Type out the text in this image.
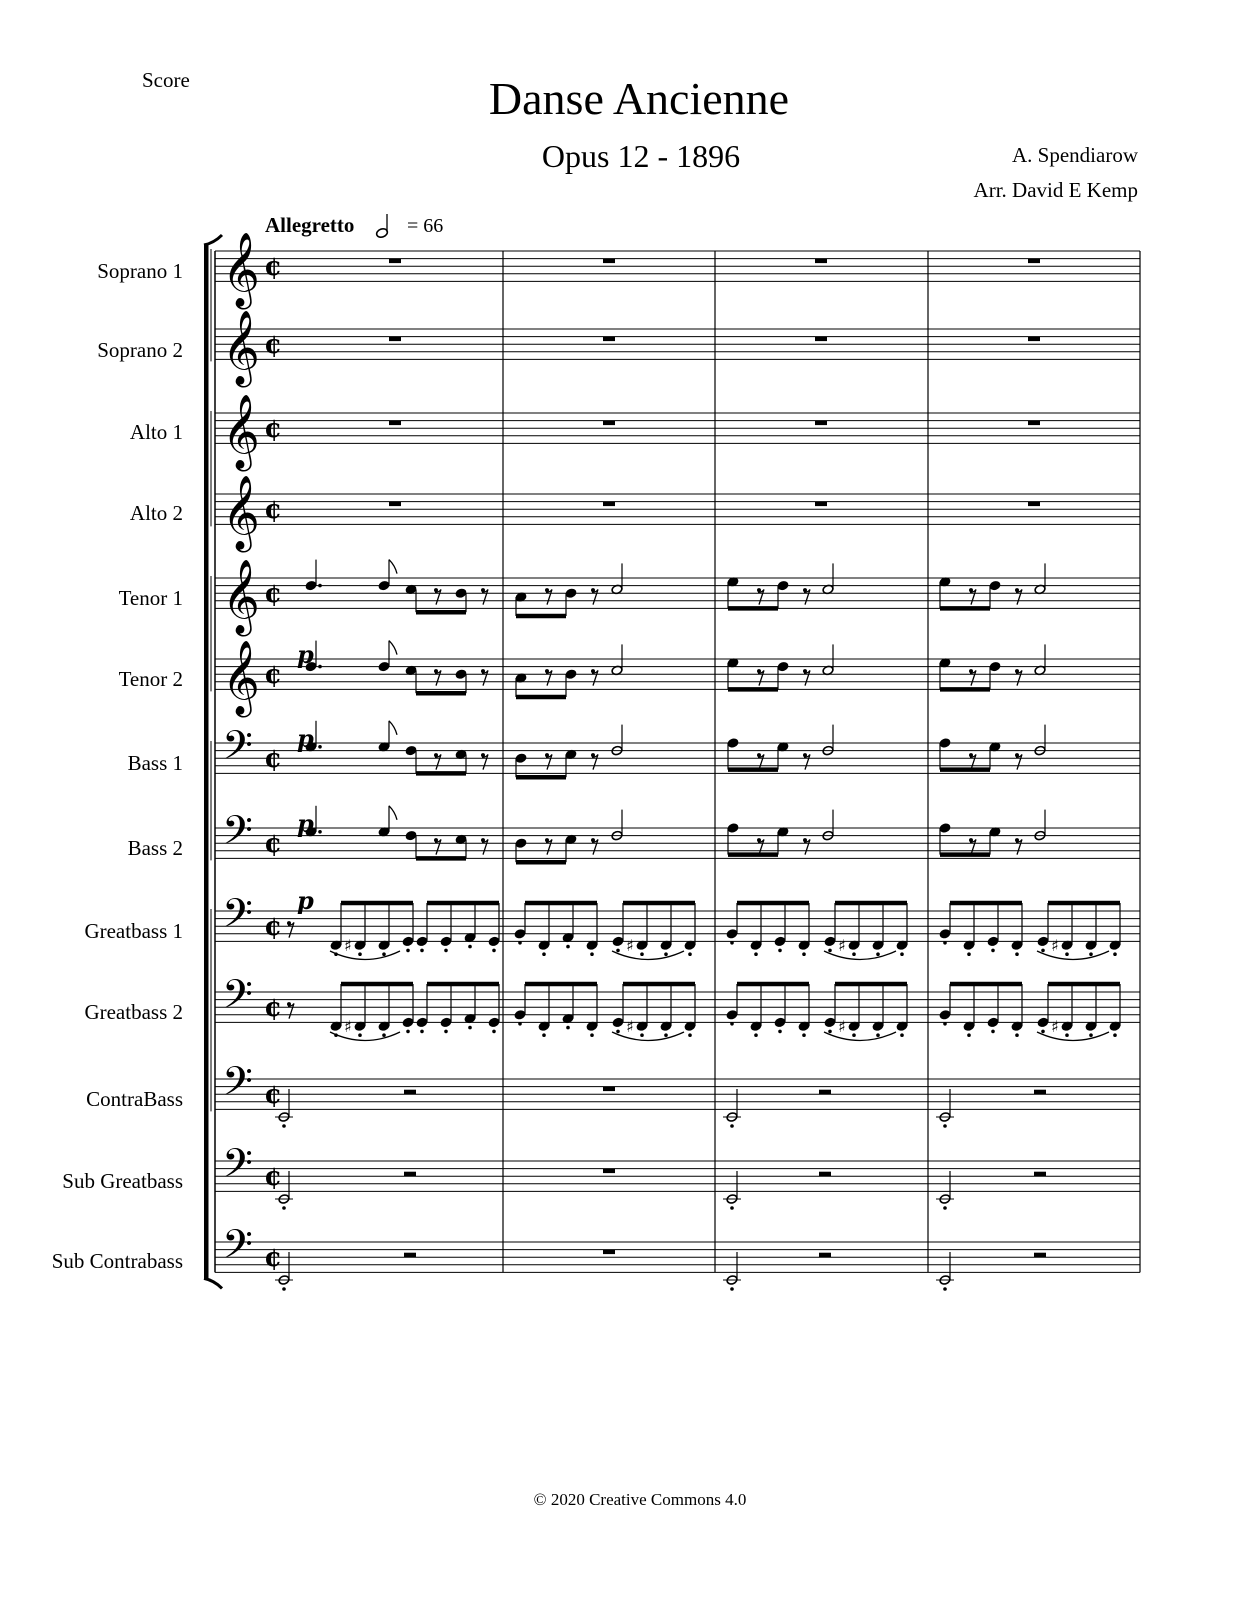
Score	Danse Ancienne
Opus 12 - 1896	A. Spendiarow
Arr. David E Kemp
Allegretto	= 66
Soprano 1
Soprano 2
Alto 1
Alto 2
Tenor 1
Tenor 2
Bass 1
Bass 2
Greatbass 1
Greatbass 2
ContraBass
Sub Greatbass
Sub Contrabass
𝄞 ¢
𝄞 ¢
𝄞 ¢
𝄞 ¢
𝄞 ¢
𝄞 ¢
𝄢 ¢
𝄢 ¢
𝄢 ¢
𝄢 ¢
𝄢 ¢
𝄢 ¢
𝄢 ¢
p
p
p
p
♯	♯	♯	♯
♯	♯	♯	♯
© 2020 Creative Commons 4.0
